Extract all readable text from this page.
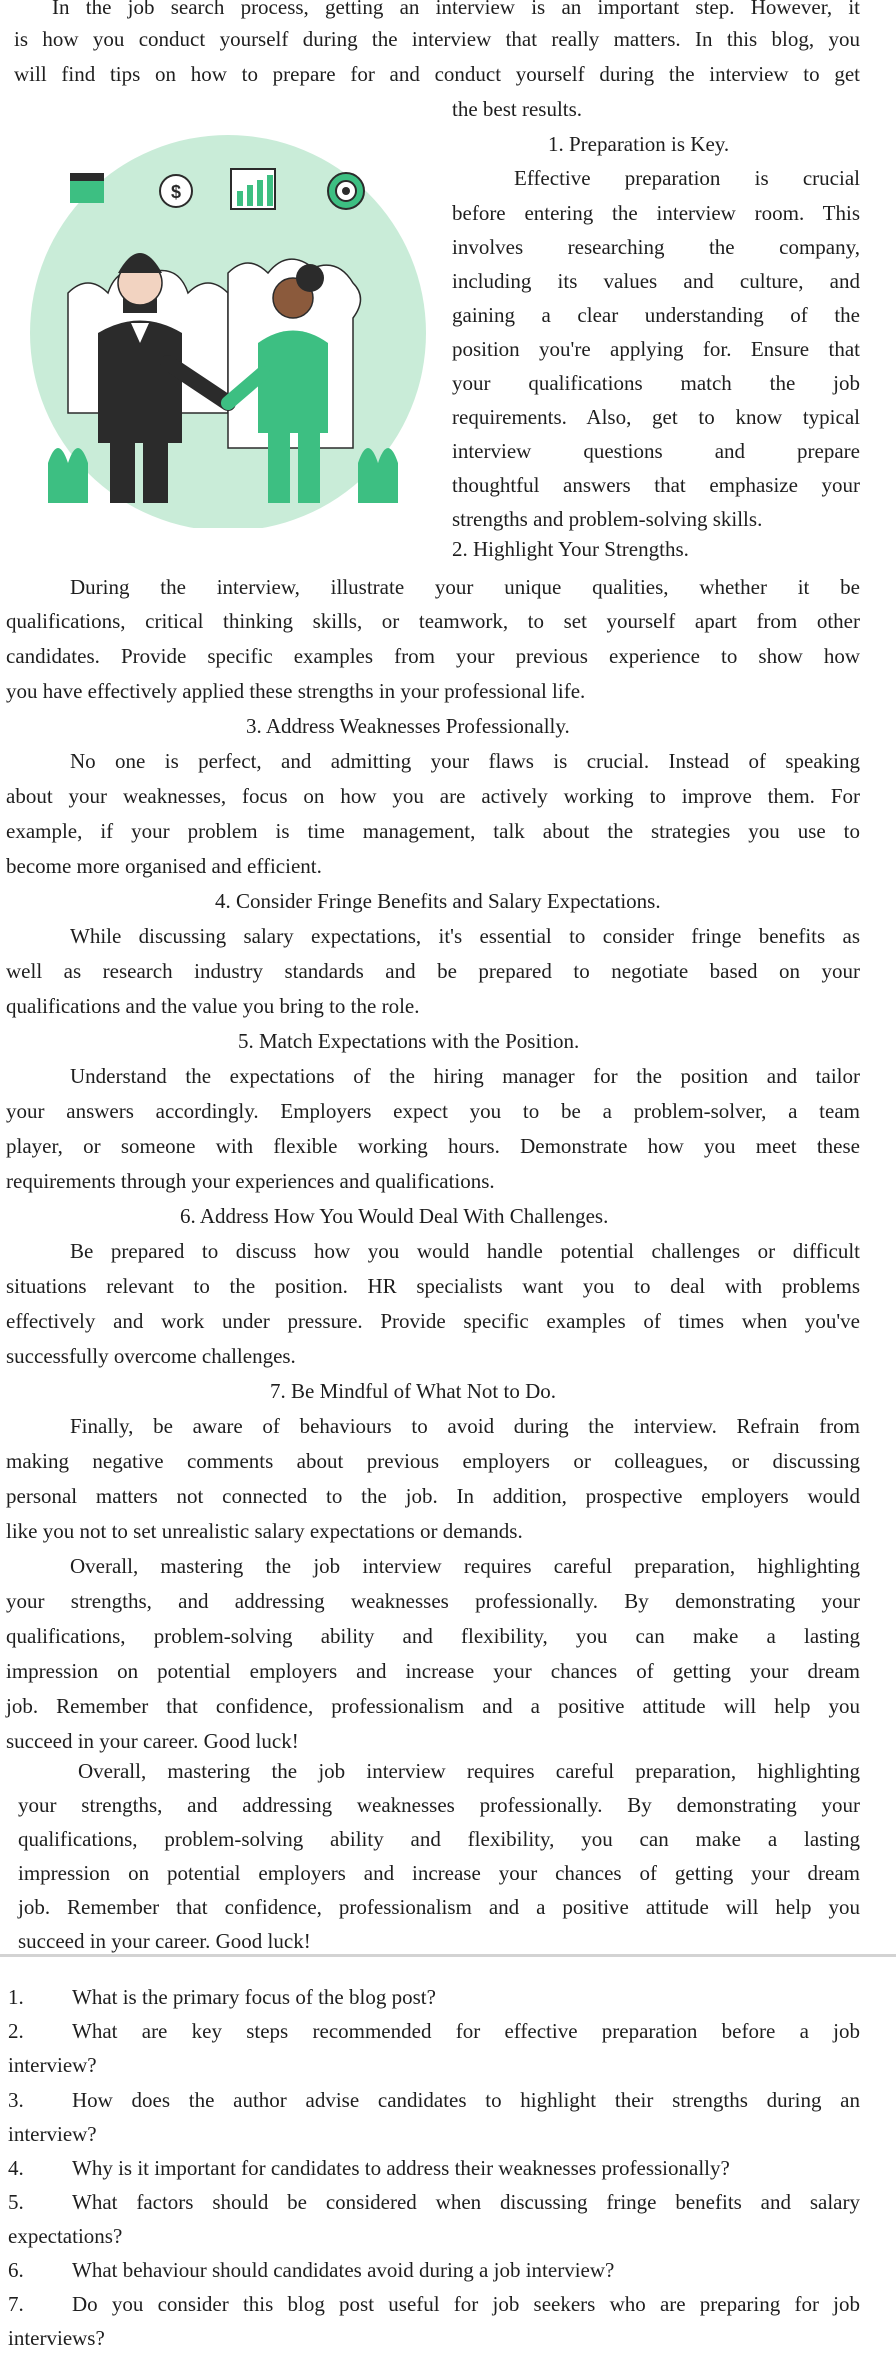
In the job search process, getting an interview is an important step. However, it

is how you conduct yourself during the interview that really matters. In this blog, you

will find tips on how to prepare for and conduct yourself during the interview to get

the best results.

$

1. Preparation is Key.

Effective preparation is crucial

before entering the interview room. This

involves researching the company,

including its values and culture, and

gaining a clear understanding of the

position you're applying for. Ensure that

your qualifications match the job

requirements. Also, get to know typical

interview questions and prepare

thoughtful answers that emphasize your

strengths and problem-solving skills.

2. Highlight Your Strengths.

During the interview, illustrate your unique qualities, whether it be

qualifications, critical thinking skills, or teamwork, to set yourself apart from other

candidates. Provide specific examples from your previous experience to show how

you have effectively applied these strengths in your professional life.

3. Address Weaknesses Professionally.

No one is perfect, and admitting your flaws is crucial. Instead of speaking

about your weaknesses, focus on how you are actively working to improve them. For

example, if your problem is time management, talk about the strategies you use to

become more organised and efficient.

4. Consider Fringe Benefits and Salary Expectations.

While discussing salary expectations, it's essential to consider fringe benefits as

well as research industry standards and be prepared to negotiate based on your

qualifications and the value you bring to the role.

5. Match Expectations with the Position.

Understand the expectations of the hiring manager for the position and tailor

your answers accordingly. Employers expect you to be a problem-solver, a team

player, or someone with flexible working hours. Demonstrate how you meet these

requirements through your experiences and qualifications.

6. Address How You Would Deal With Challenges.

Be prepared to discuss how you would handle potential challenges or difficult

situations relevant to the position. HR specialists want you to deal with problems

effectively and work under pressure. Provide specific examples of times when you've

successfully overcome challenges.

7. Be Mindful of What Not to Do.

Finally, be aware of behaviours to avoid during the interview. Refrain from

making negative comments about previous employers or colleagues, or discussing

personal matters not connected to the job. In addition, prospective employers would

like you not to set unrealistic salary expectations or demands.

Overall, mastering the job interview requires careful preparation, highlighting

your strengths, and addressing weaknesses professionally. By demonstrating your

qualifications, problem-solving ability and flexibility, you can make a lasting

impression on potential employers and increase your chances of getting your dream

job. Remember that confidence, professionalism and a positive attitude will help you

succeed in your career. Good luck!

Overall, mastering the job interview requires careful preparation, highlighting

your strengths, and addressing weaknesses professionally. By demonstrating your

qualifications, problem-solving ability and flexibility, you can make a lasting

impression on potential employers and increase your chances of getting your dream

job. Remember that confidence, professionalism and a positive attitude will help you

succeed in your career. Good luck!

1. What is the primary focus of the blog post?

2. What are key steps recommended for effective preparation before a job

interview?

3. How does the author advise candidates to highlight their strengths during an

interview?

4. Why is it important for candidates to address their weaknesses professionally?

5. What factors should be considered when discussing fringe benefits and salary

expectations?

6. What behaviour should candidates avoid during a job interview?

7. Do you consider this blog post useful for job seekers who are preparing for job

interviews?
